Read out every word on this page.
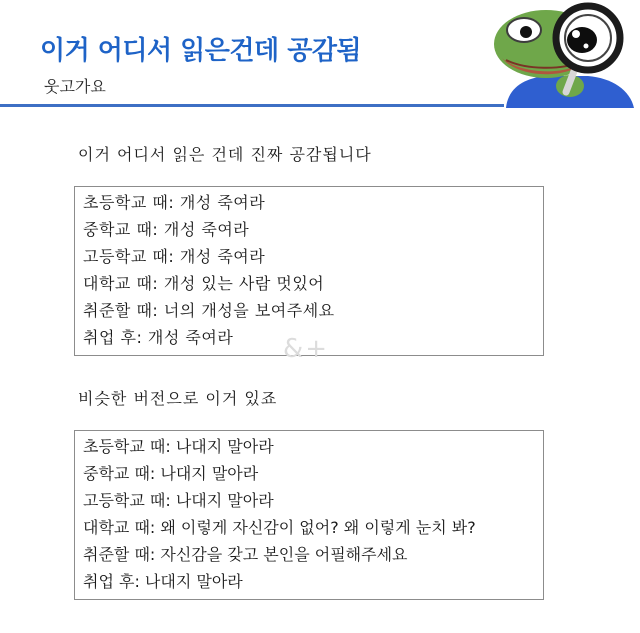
이거 어디서 읽은건데 공감됨
웃고가요
이거 어디서 읽은 건데 진짜 공감됩니다
초등학교 때: 개성 죽여라
중학교 때: 개성 죽여라
고등학교 때: 개성 죽여라
대학교 때: 개성 있는 사람 멋있어
취준할 때: 너의 개성을 보여주세요
취업 후: 개성 죽여라	&+
비슷한 버전으로 이거 있죠
초등학교 때: 나대지 말아라
중학교 때: 나대지 말아라
고등학교 때: 나대지 말아라
대학교 때: 왜 이렇게 자신감이 없어? 왜 이렇게 눈치 봐?
취준할 때: 자신감을 갖고 본인을 어필해주세요
취업 후: 나대지 말아라
